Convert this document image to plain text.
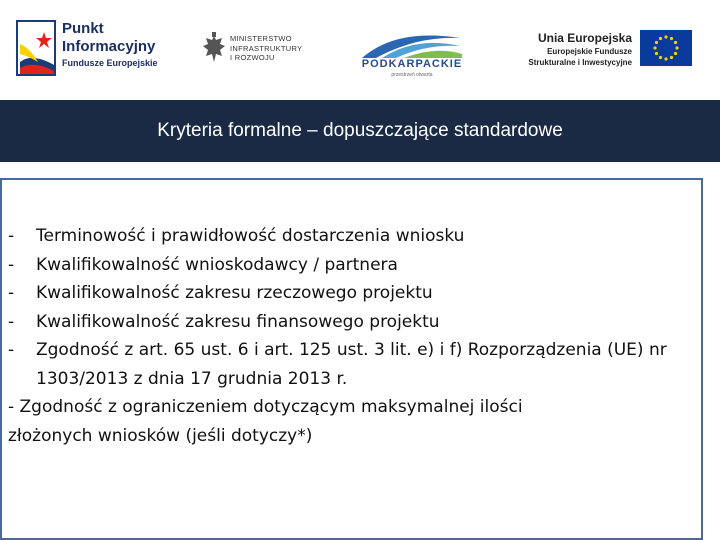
Punkt
Informacyjny
Fundusze Europejskie
MINISTERSTWO
INFRASTRUKTURY
I ROZWOJU
PODKARPACKIE
przestrzeń otwarta
Unia Europejska
Europejskie Fundusze
Strukturalne i Inwestycyjne
Kryteria formalne – dopuszczające standardowe
- Terminowość i prawidłowość dostarczenia wniosku
- Kwalifikowalność wnioskodawcy / partnera
- Kwalifikowalność zakresu rzeczowego projektu
- Kwalifikowalność zakresu finansowego projektu
- Zgodność z art. 65 ust. 6 i art. 125 ust. 3 lit. e) i f) Rozporządzenia (UE) nr 1303/2013 z dnia 17 grudnia 2013 r.
- Zgodność z ograniczeniem dotyczącym maksymalnej ilości
złożonych wniosków (jeśli dotyczy*)
